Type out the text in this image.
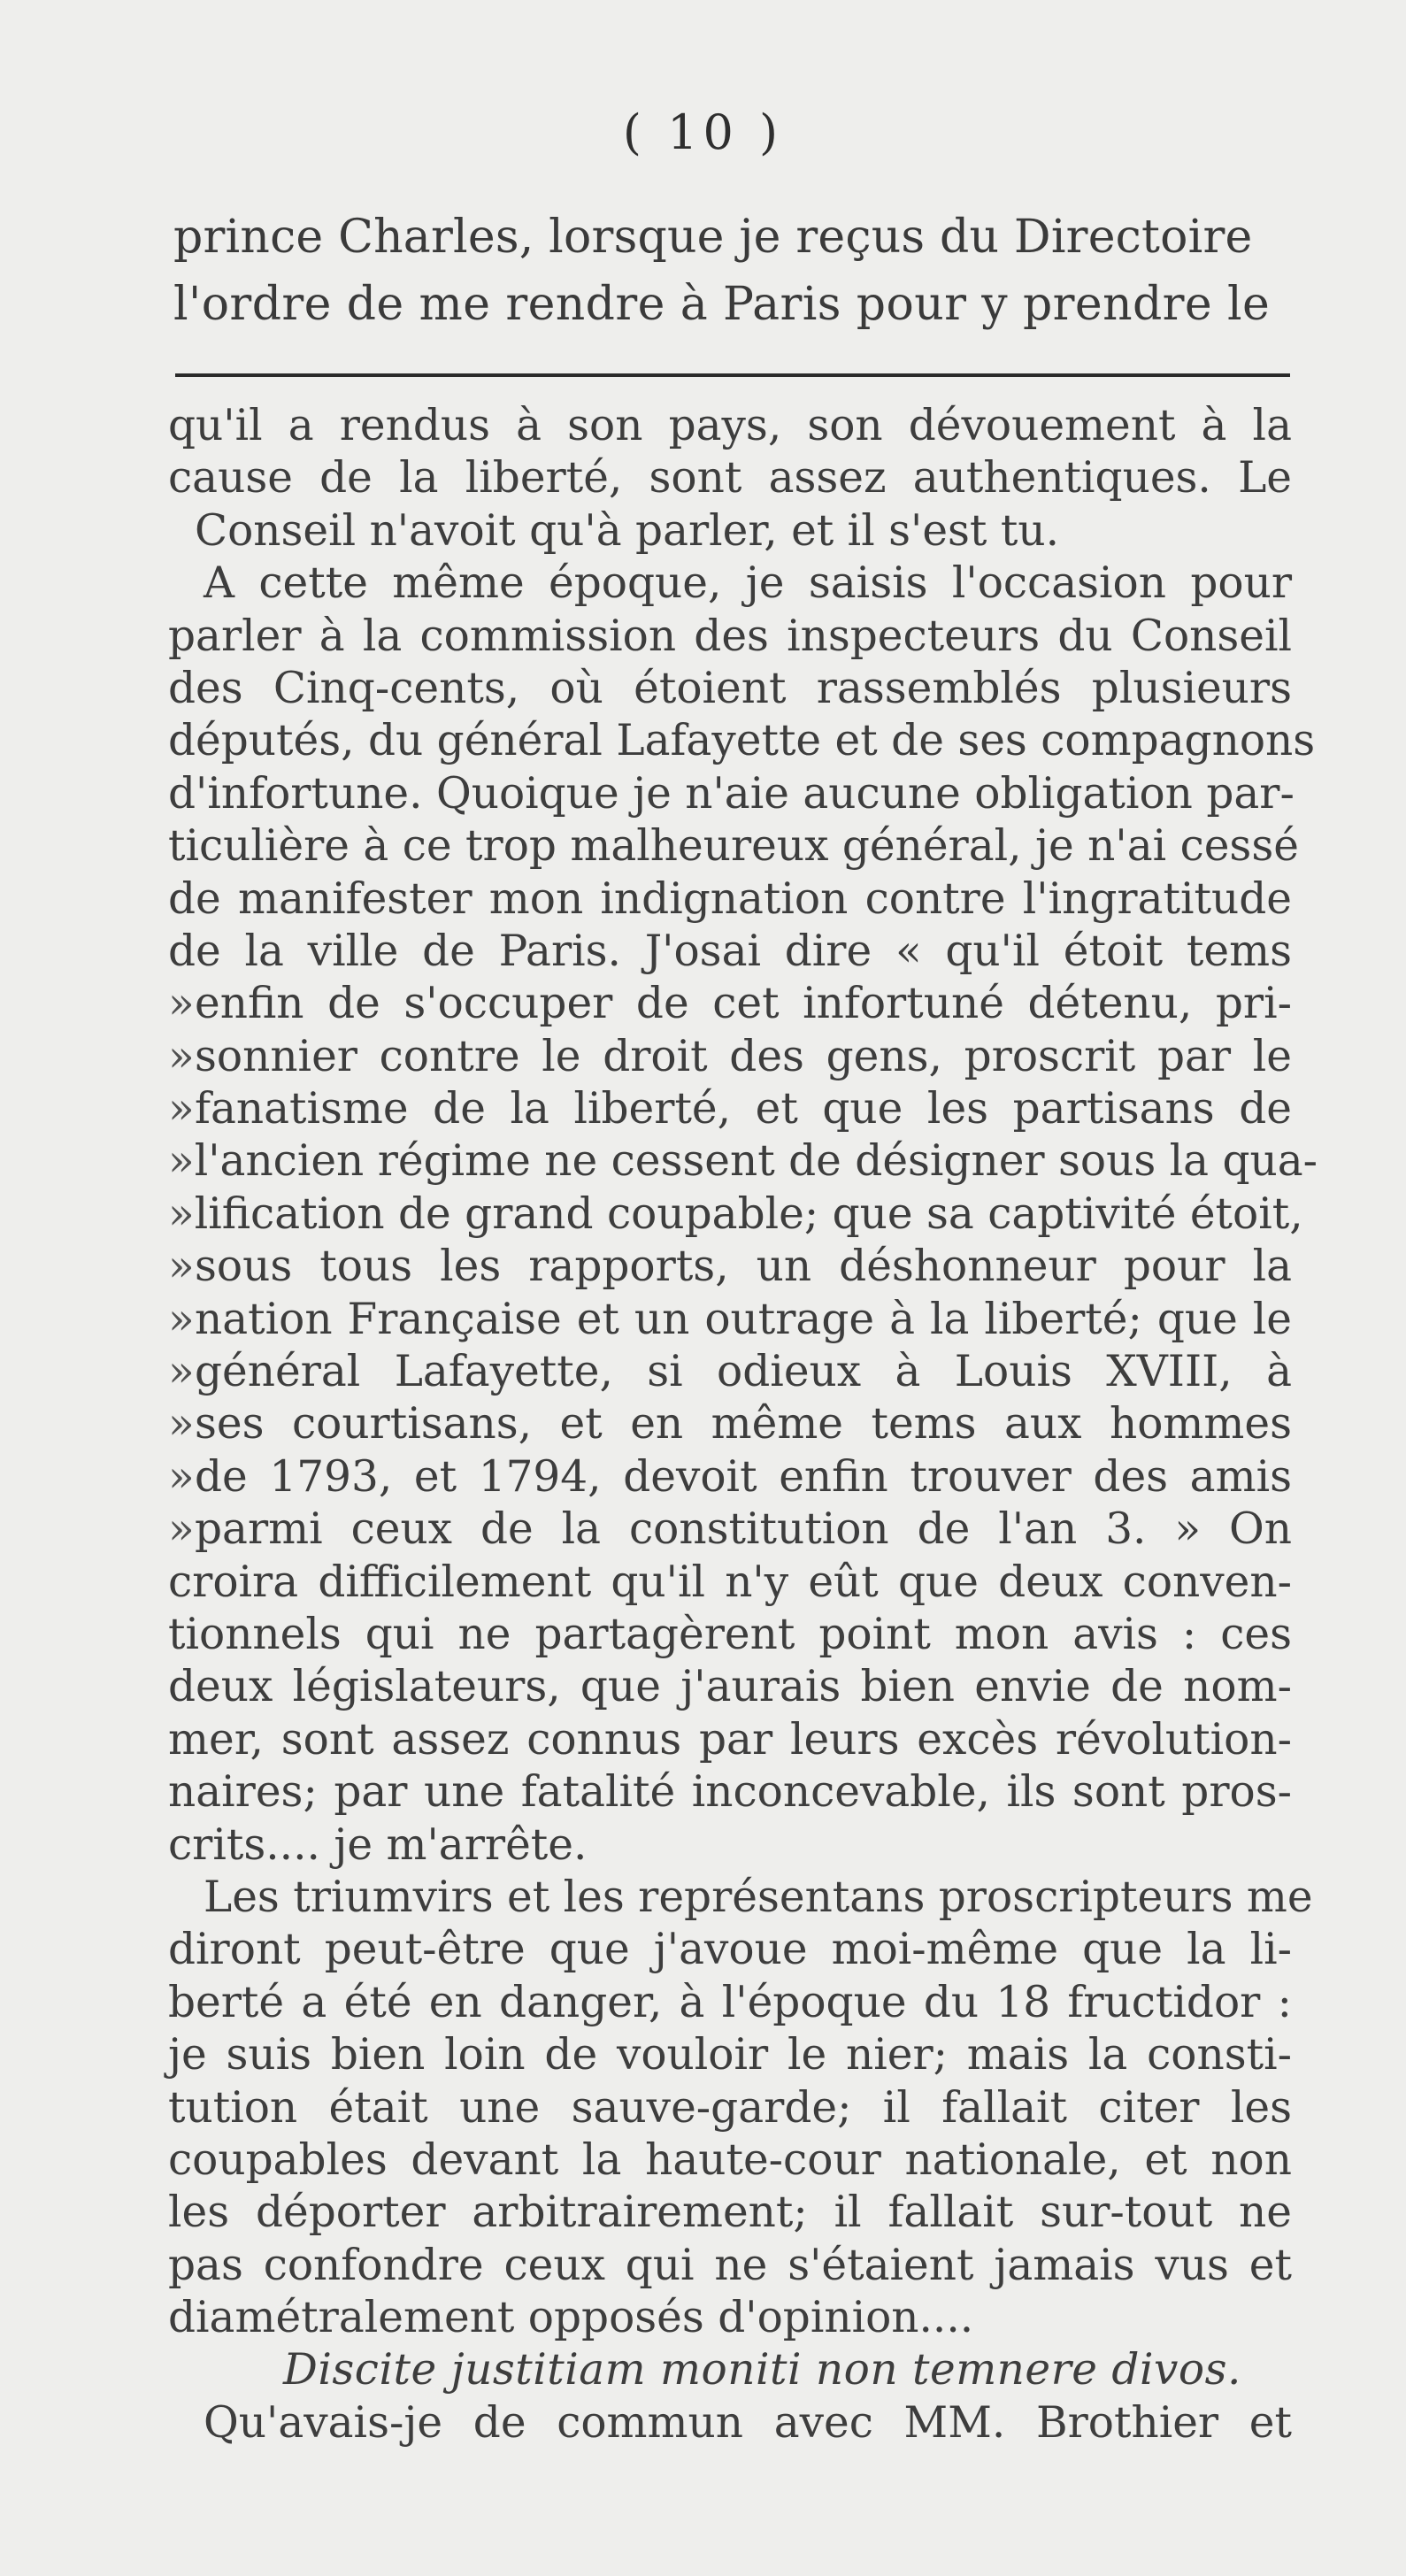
( 10 )
prince Charles, lorsque je reçus du Directoire
l'ordre de me rendre à Paris pour y prendre le
qu'il a rendus à son pays, son dévouement à la
cause de la liberté, sont assez authentiques. Le
Conseil n'avoit qu'à parler, et il s'est tu.
A cette même époque, je saisis l'occasion pour
parler à la commission des inspecteurs du Conseil
des Cinq-cents, où étoient rassemblés plusieurs
députés, du général Lafayette et de ses compagnons
d'infortune. Quoique je n'aie aucune obligation par-
ticulière à ce trop malheureux général, je n'ai cessé
de manifester mon indignation contre l'ingratitude
de la ville de Paris. J'osai dire « qu'il étoit tems
» enfin de s'occuper de cet infortuné détenu, pri-
» sonnier contre le droit des gens, proscrit par le
» fanatisme de la liberté, et que les partisans de
» l'ancien régime ne cessent de désigner sous la qua-
» lification de grand coupable; que sa captivité étoit,
» sous tous les rapports, un déshonneur pour la
» nation Française et un outrage à la liberté; que le
» général Lafayette, si odieux à Louis XVIII, à
» ses courtisans, et en même tems aux hommes
» de 1793, et 1794, devoit enfin trouver des amis
» parmi ceux de la constitution de l'an 3. » On
croira difficilement qu'il n'y eût que deux conven-
tionnels qui ne partagèrent point mon avis : ces
deux législateurs, que j'aurais bien envie de nom-
mer, sont assez connus par leurs excès révolution-
naires; par une fatalité inconcevable, ils sont pros-
crits.... je m'arrête.
Les triumvirs et les représentans proscripteurs me
diront peut-être que j'avoue moi-même que la li-
berté a été en danger, à l'époque du 18 fructidor :
je suis bien loin de vouloir le nier; mais la consti-
tution était une sauve-garde; il fallait citer les
coupables devant la haute-cour nationale, et non
les déporter arbitrairement; il fallait sur-tout ne
pas confondre ceux qui ne s'étaient jamais vus et
diamétralement opposés d'opinion....
Discite justitiam moniti non temnere divos.
Qu'avais-je de commun avec MM. Brothier et
